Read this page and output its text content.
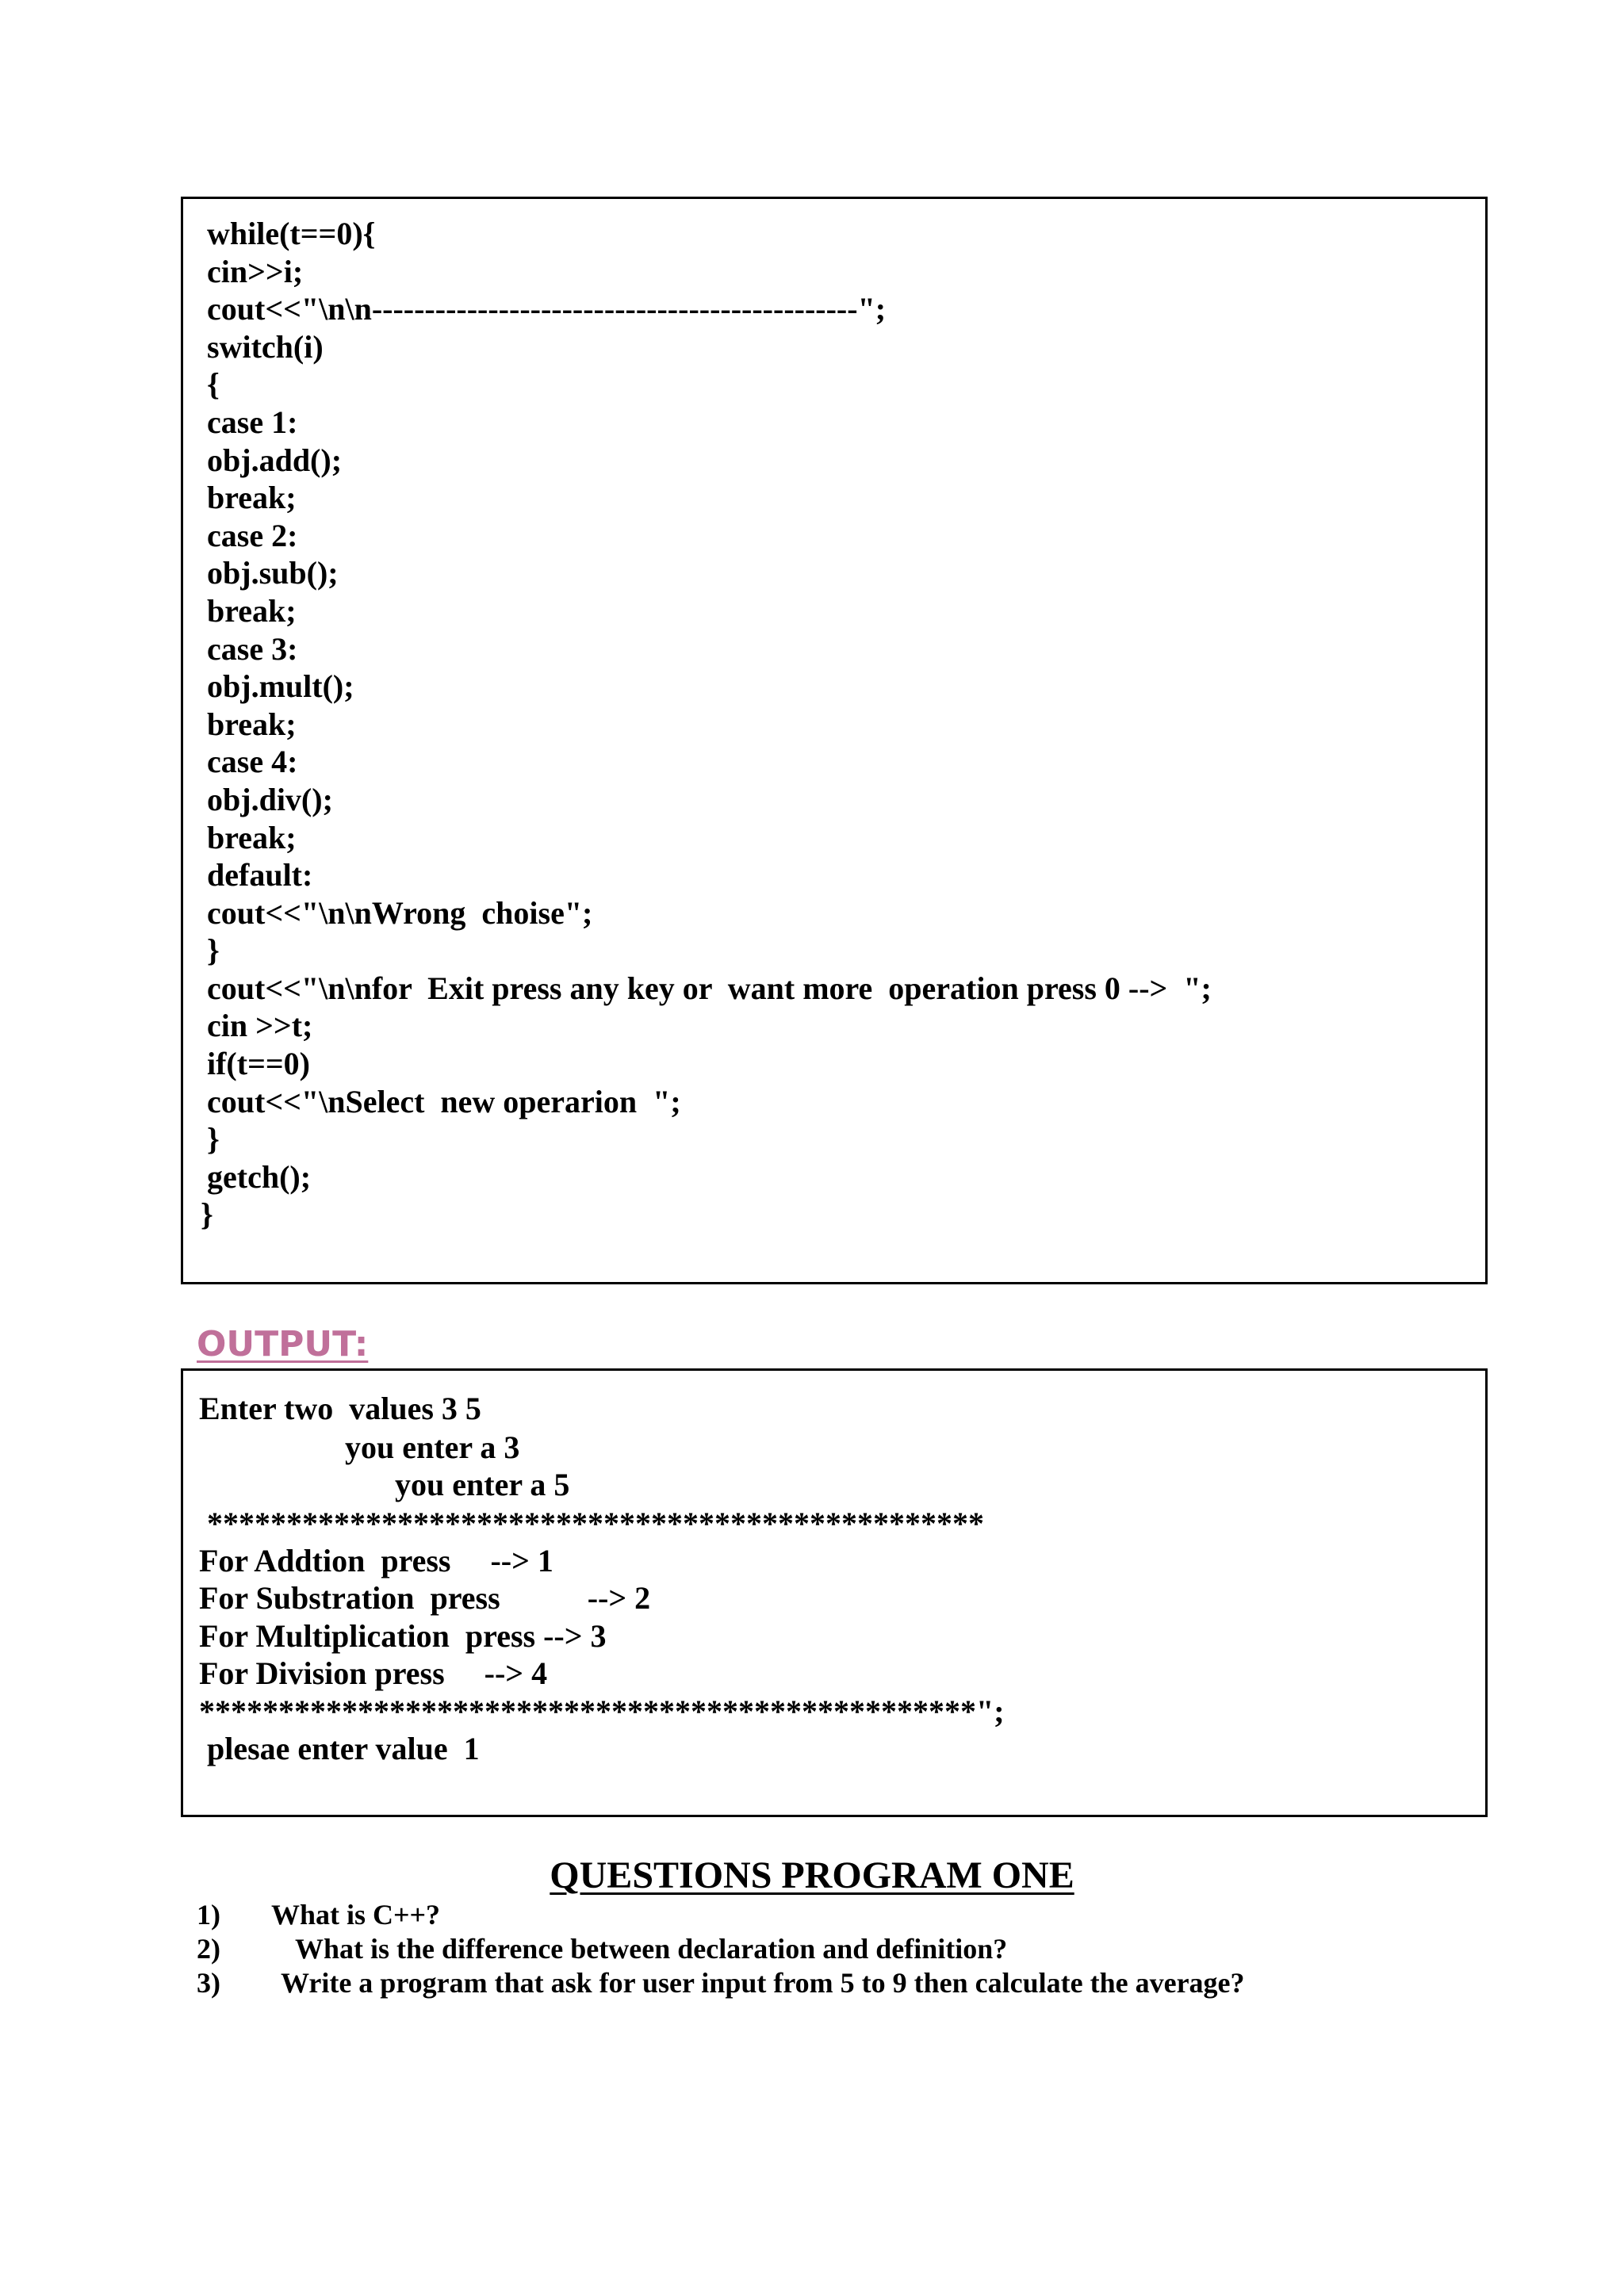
while(t==0){
cin>>i;
cout<<"\n\n----------------------------------------------";
switch(i)
{
case 1:
obj.add();
break;
case 2:
obj.sub();
break;
case 3:
obj.mult();
break;
case 4:
obj.div();
break;
default:
cout<<"\n\nWrong  choise";
}
cout<<"\n\nfor  Exit press any key or  want more  operation press 0 -->  ";
cin >>t;
if(t==0)
cout<<"\nSelect  new operarion  ";
}
getch();
}
OUTPUT:
Enter two  values 3 5
you enter a 3
you enter a 5
*************************************************
For Addtion  press     --> 1
For Substration  press           --> 2
For Multiplication  press --> 3
For Division press     --> 4
*************************************************";
plesae enter value  1
QUESTIONS PROGRAM ONE

1)

What is C++?

2)

	What is the difference between declaration and definition?

3)

Write a program that ask for user input from 5 to 9 then calculate the average?
